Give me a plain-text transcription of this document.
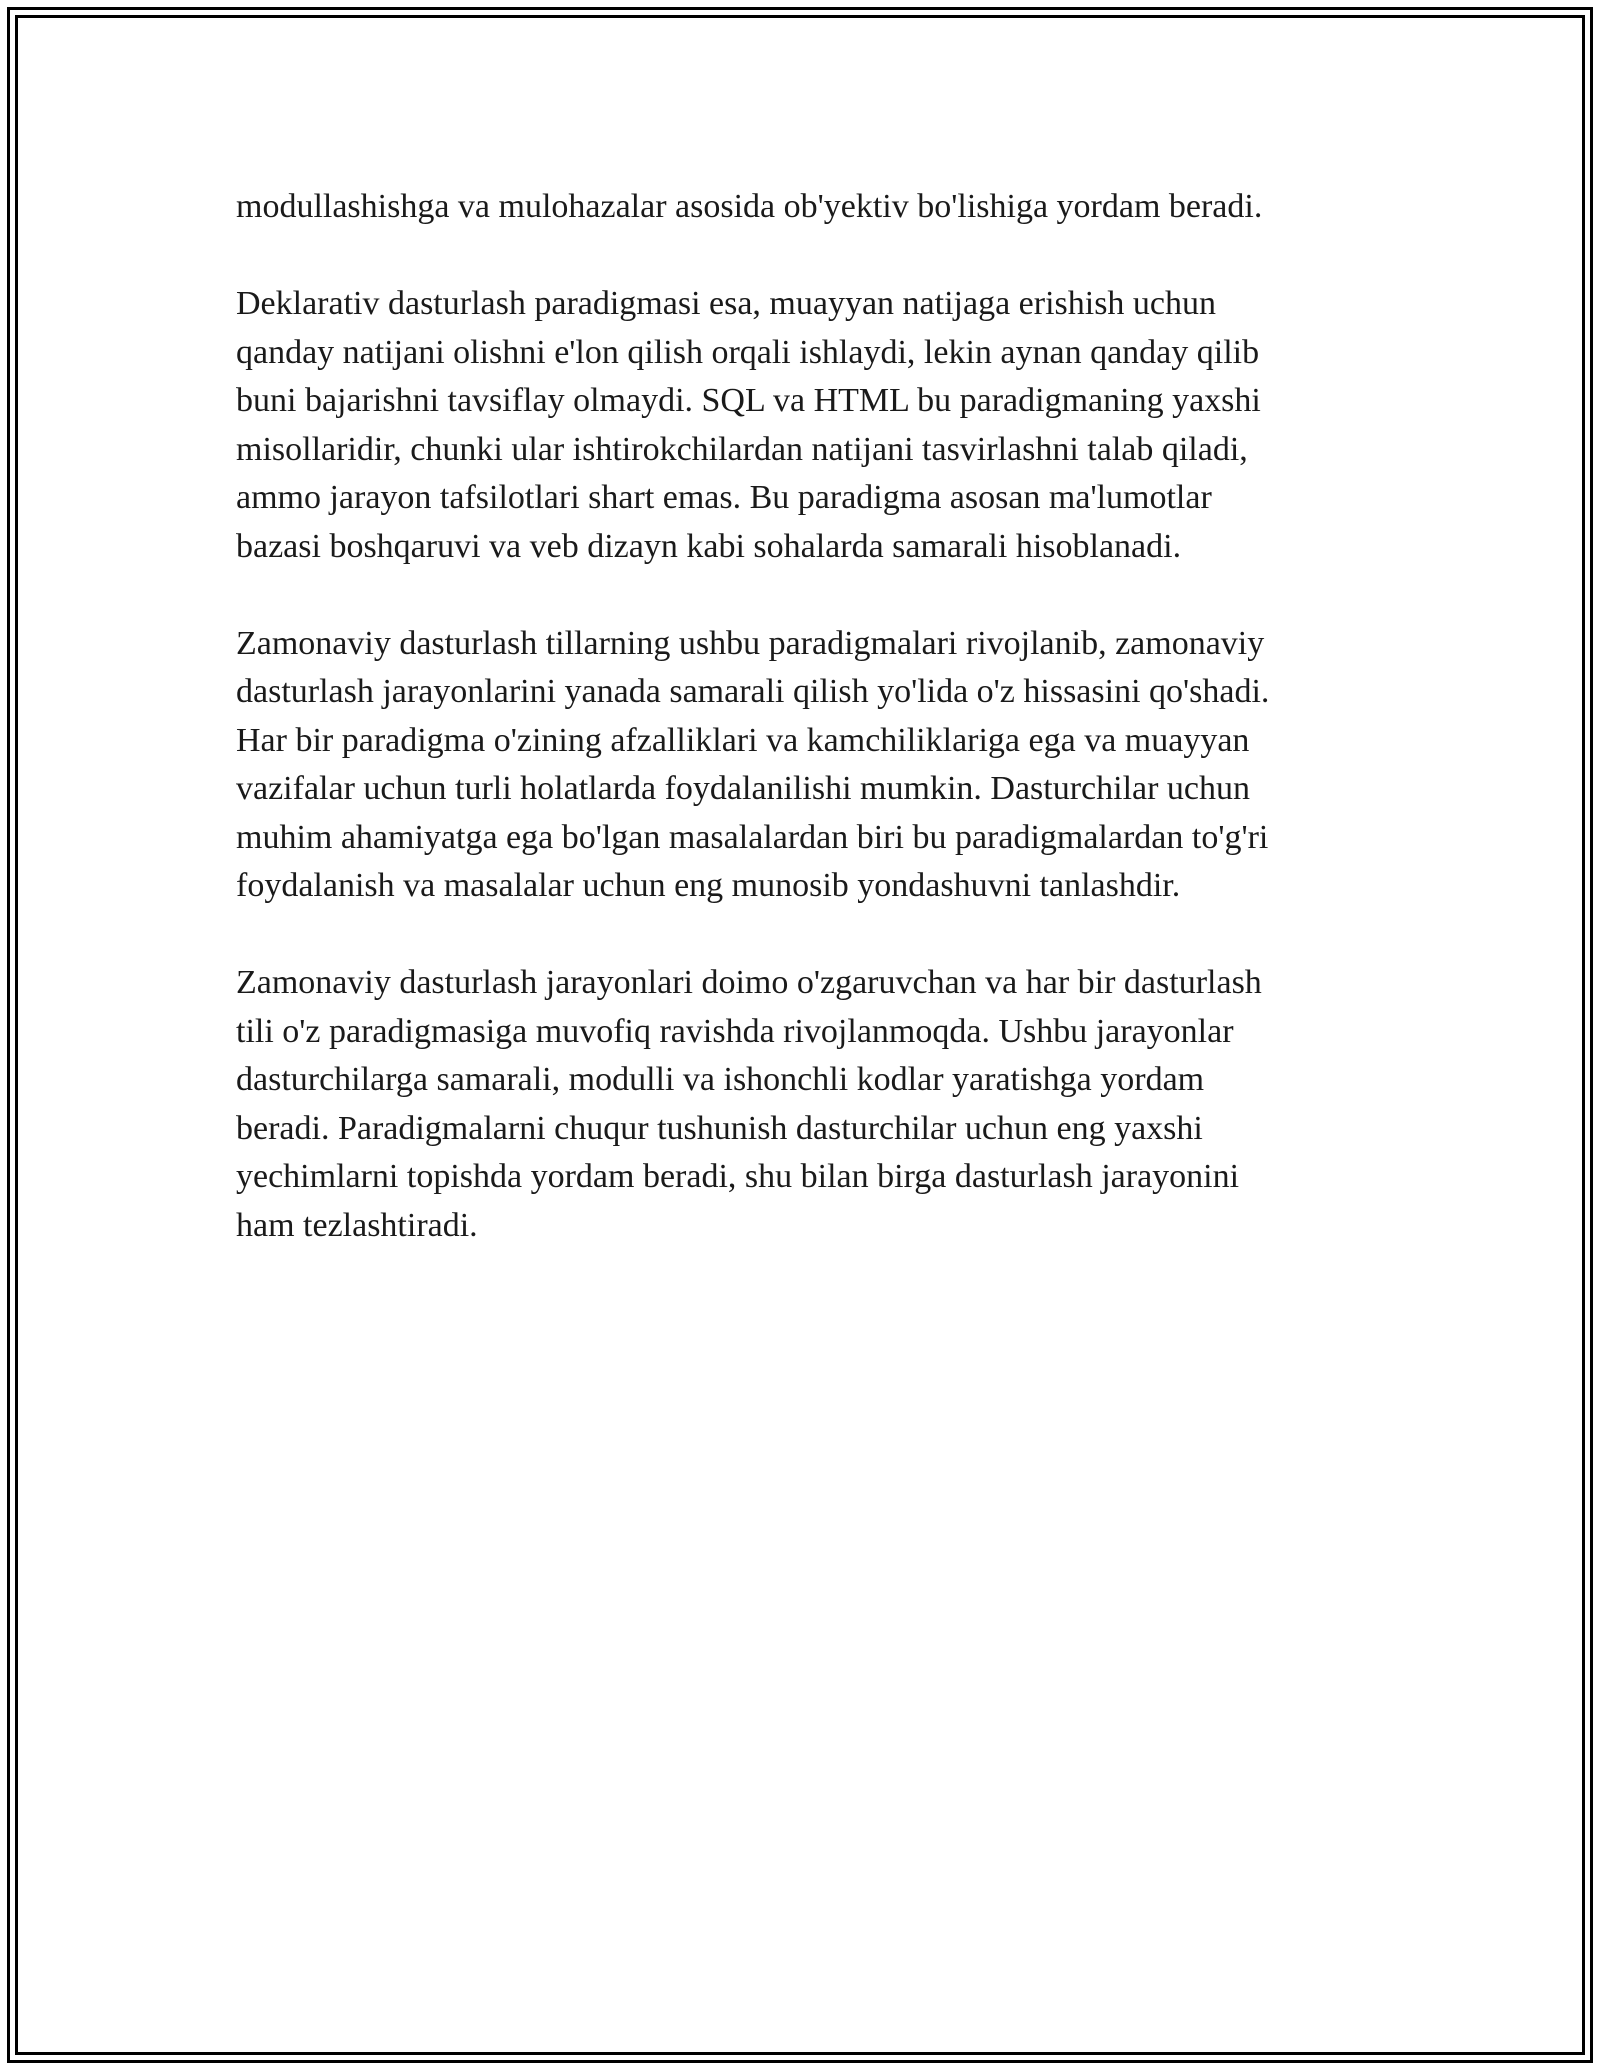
modullashishga va mulohazalar asosida ob'yektiv bo'lishiga yordam beradi.

Deklarativ dasturlash paradigmasi esa, muayyan natijaga erishish uchun
qanday natijani olishni e'lon qilish orqali ishlaydi, lekin aynan qanday qilib
buni bajarishni tavsiflay olmaydi. SQL va HTML bu paradigmaning yaxshi
misollaridir, chunki ular ishtirokchilardan natijani tasvirlashni talab qiladi,
ammo jarayon tafsilotlari shart emas. Bu paradigma asosan ma'lumotlar
bazasi boshqaruvi va veb dizayn kabi sohalarda samarali hisoblanadi.

Zamonaviy dasturlash tillarning ushbu paradigmalari rivojlanib, zamonaviy
dasturlash jarayonlarini yanada samarali qilish yo'lida o'z hissasini qo'shadi.
Har bir paradigma o'zining afzalliklari va kamchiliklariga ega va muayyan
vazifalar uchun turli holatlarda foydalanilishi mumkin. Dasturchilar uchun
muhim ahamiyatga ega bo'lgan masalalardan biri bu paradigmalardan to'g'ri
foydalanish va masalalar uchun eng munosib yondashuvni tanlashdir.

Zamonaviy dasturlash jarayonlari doimo o'zgaruvchan va har bir dasturlash
tili o'z paradigmasiga muvofiq ravishda rivojlanmoqda. Ushbu jarayonlar
dasturchilarga samarali, modulli va ishonchli kodlar yaratishga yordam
beradi. Paradigmalarni chuqur tushunish dasturchilar uchun eng yaxshi
yechimlarni topishda yordam beradi, shu bilan birga dasturlash jarayonini
ham tezlashtiradi.
